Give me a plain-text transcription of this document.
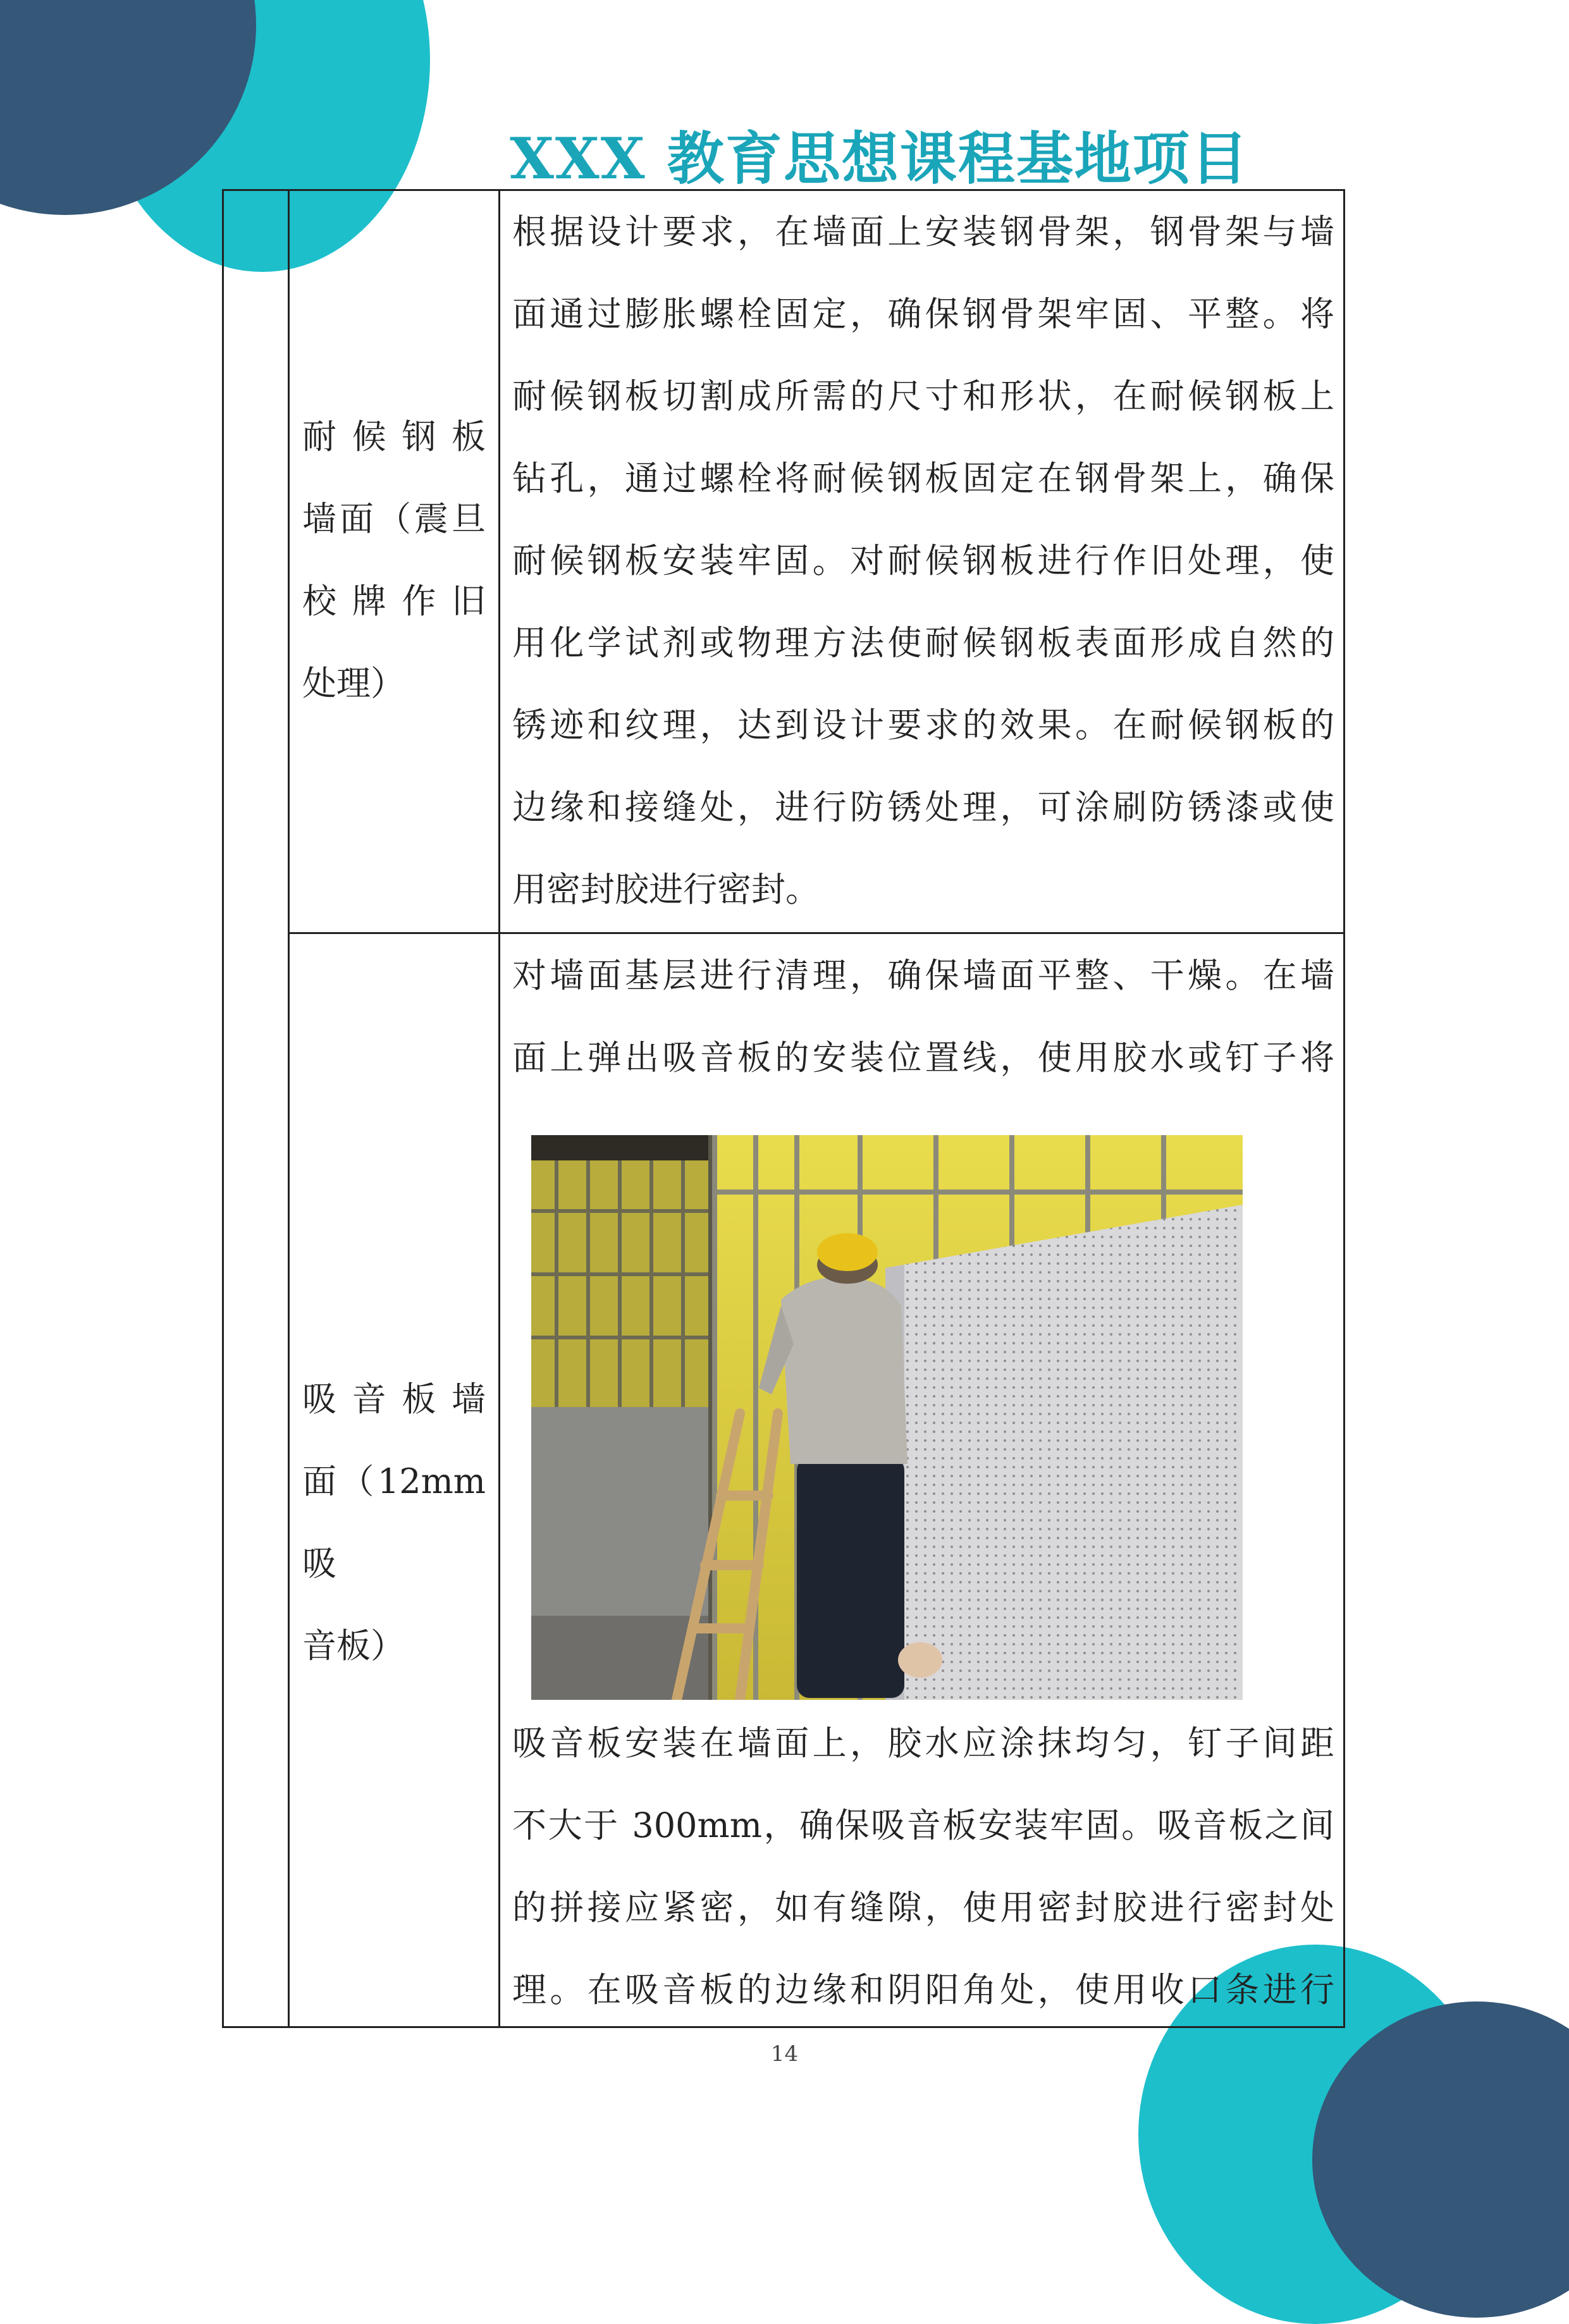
XXX 教育思想课程基地项目
耐 候 钢 板
墙面（震旦
校 牌 作 旧
处理）
根据设计要求，在墙面上安装钢骨架，钢骨架与墙
面通过膨胀螺栓固定，确保钢骨架牢固、平整。将
耐候钢板切割成所需的尺寸和形状，在耐候钢板上
钻孔，通过螺栓将耐候钢板固定在钢骨架上，确保
耐候钢板安装牢固。对耐候钢板进行作旧处理，使
用化学试剂或物理方法使耐候钢板表面形成自然的
锈迹和纹理，达到设计要求的效果。在耐候钢板的
边缘和接缝处，进行防锈处理，可涂刷防锈漆或使
用密封胶进行密封。
吸 音 板 墙
面（12mm 吸
音板）
对墙面基层进行清理，确保墙面平整、干燥。在墙
面上弹出吸音板的安装位置线，使用胶水或钉子将
吸音板安装在墙面上，胶水应涂抹均匀，钉子间距
不大于 300mm，确保吸音板安装牢固。吸音板之间
的拼接应紧密，如有缝隙，使用密封胶进行密封处
理。在吸音板的边缘和阴阳角处，使用收口条进行
14
